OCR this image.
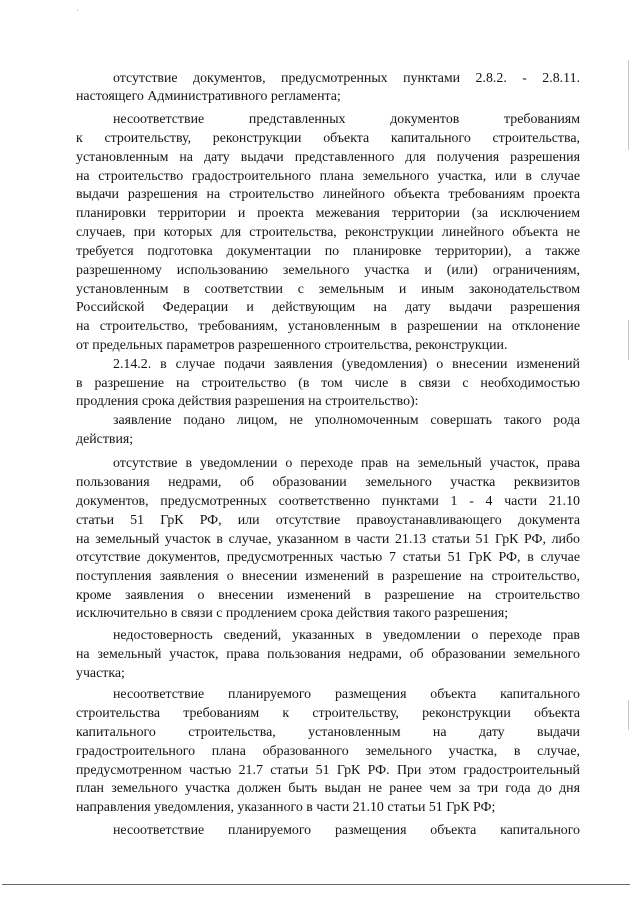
·
отсутствие документов, предусмотренных пунктами 2.8.2. - 2.8.11.
настоящего Административного регламента;
несоответствие представленных документов требованиям
к строительству, реконструкции объекта капитального строительства,
установленным на дату выдачи представленного для получения разрешения
на строительство градостроительного плана земельного участка, или в случае
выдачи разрешения на строительство линейного объекта требованиям проекта
планировки территории и проекта межевания территории (за исключением
случаев, при которых для строительства, реконструкции линейного объекта не
требуется подготовка документации по планировке территории), а также
разрешенному использованию земельного участка и (или) ограничениям,
установленным в соответствии с земельным и иным законодательством
Российской Федерации и действующим на дату выдачи разрешения
на строительство, требованиям, установленным в разрешении на отклонение
от предельных параметров разрешенного строительства, реконструкции.
2.14.2. в случае подачи заявления (уведомления) о внесении изменений
в разрешение на строительство (в том числе в связи с необходимостью
продления срока действия разрешения на строительство):
заявление подано лицом, не уполномоченным совершать такого рода
действия;
отсутствие в уведомлении о переходе прав на земельный участок, права
пользования недрами, об образовании земельного участка реквизитов
документов, предусмотренных соответственно пунктами 1 - 4 части 21.10
статьи 51 ГрК РФ, или отсутствие правоустанавливающего документа
на земельный участок в случае, указанном в части 21.13 статьи 51 ГрК РФ, либо
отсутствие документов, предусмотренных частью 7 статьи 51 ГрК РФ, в случае
поступления заявления о внесении изменений в разрешение на строительство,
кроме заявления о внесении изменений в разрешение на строительство
исключительно в связи с продлением срока действия такого разрешения;
недостоверность сведений, указанных в уведомлении о переходе прав
на земельный участок, права пользования недрами, об образовании земельного
участка;
несоответствие планируемого размещения объекта капитального
строительства требованиям к строительству, реконструкции объекта
капитального строительства, установленным на дату выдачи
градостроительного плана образованного земельного участка, в случае,
предусмотренном частью 21.7 статьи 51 ГрК РФ. При этом градостроительный
план земельного участка должен быть выдан не ранее чем за три года до дня
направления уведомления, указанного в части 21.10 статьи 51 ГрК РФ;
несоответствие планируемого размещения объекта капитального
